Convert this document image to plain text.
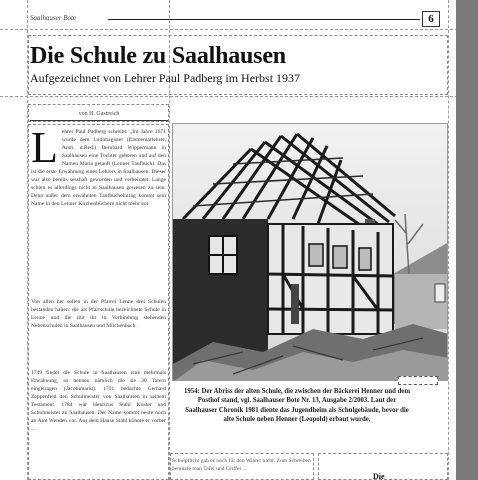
Saalhauser Bote	6
Die Schule zu Saalhausen
Aufgezeichnet von Lehrer Paul Padberg im Herbst 1937
von H. Gastreich
L ehrer Paul Padberg schreibt: „Im Jahre 1671 wurde dem Ludimagister (Elementarlehrer, Anm. d.Red.) Bernhard Wippermann in Saalhausen eine Tochter geboren und auf den Namen Maria getauft (Lenner Taufbuch). Das ist die erste Erwähnung eines Lehrers in Saalhausen. Dieser war also bereits sesshaft geworden und verheiratet. Lange schien es allerdings nicht in Saalhausen gewesen zu sein. Denn außer dem erwähnten Taufbucheintrag kommt sein Name in den Lenner Kirchenbüchern nicht mehr vor.
Von allen her sollen in der Pfarrei Lenne drei Schulen bestanden haben: die als Pfarrschule bezeichnete Schule in Lenne und die mit ihr in Verbindung stehenden Nebenschulen in Saalhausen und Milchenbach.
1749 findet die Schule in Saalhausen eine mehrmals Erwähnung, so nennen nämlich die sie 30 Talern eingetragen (Jacobimarkt). 1751 bedachte Gerhard Zeppenfeld den Schulmeister von Saalhausen in seinem Testament. 1784 war Henricus Stahl Küster und Schulmeister zu Saalhausen. Der Name kommt heute noch an Amt Wenden vor. Aus dem Hause Stahl könnte er vorher ...
1954: Der Abriss der alten Schule, die zwischen der Bäckerei Henner und dem Posthof stand, vgl. Saalhauser Bote Nr. 13, Ausgabe 2/2003. Laut der Saalhauser Chronik 1981 diente das Jugendheim als Schulgebäude, bevor die alte Schule neben Henner (Leopold) erbaut wurde.
Schulpflicht gab es noch für den Winter nicht. Zum Schreiben benutzte man Tafel und Griffel ...
Die
